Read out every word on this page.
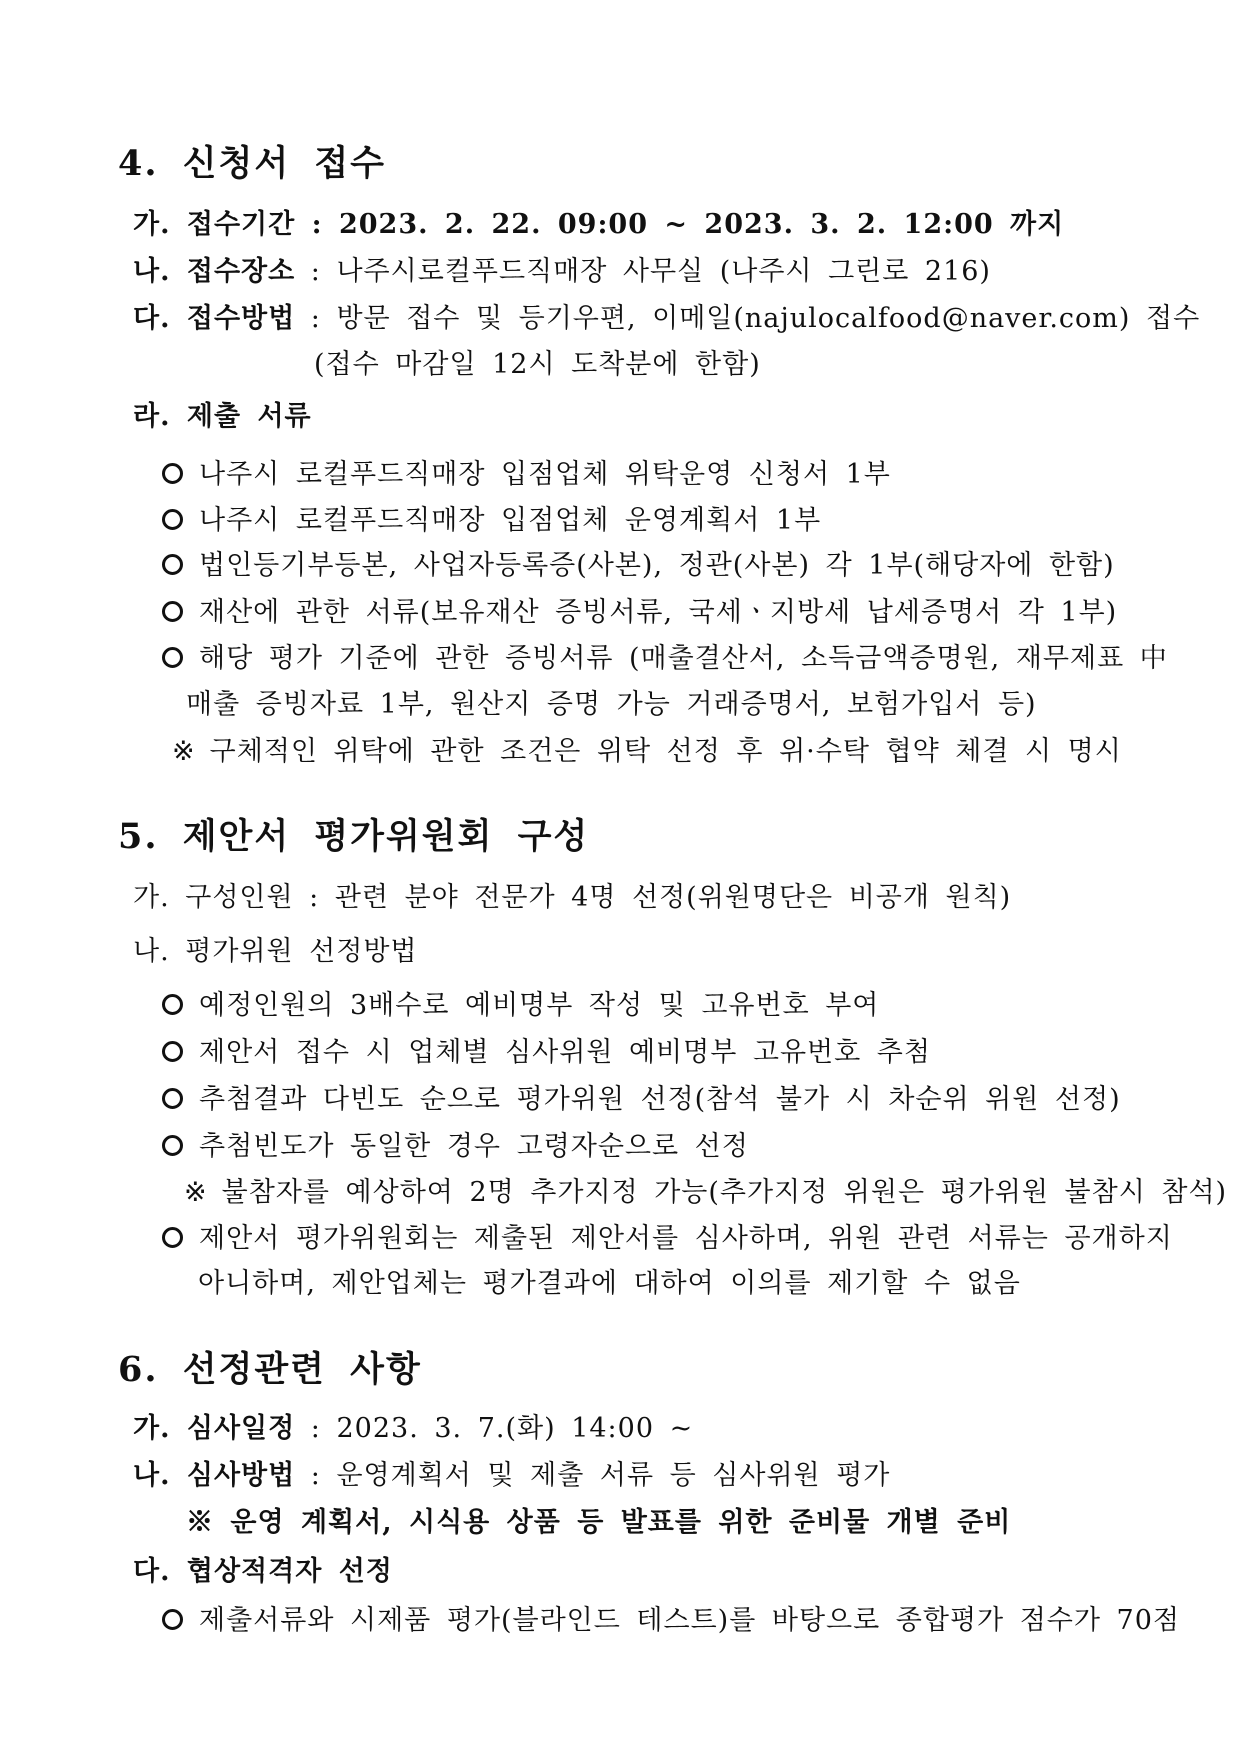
4. 신청서 접수
가. 접수기간 : 2023. 2. 22. 09:00 ~ 2023. 3. 2. 12:00 까지
나. 접수장소 : 나주시로컬푸드직매장 사무실 (나주시 그린로 216)
다. 접수방법 : 방문 접수 및 등기우편, 이메일(najulocalfood@naver.com) 접수
(접수 마감일 12시 도착분에 한함)
라. 제출 서류
나주시 로컬푸드직매장 입점업체 위탁운영 신청서 1부
나주시 로컬푸드직매장 입점업체 운영계획서 1부
법인등기부등본, 사업자등록증(사본), 정관(사본) 각 1부(해당자에 한함)
재산에 관한 서류(보유재산 증빙서류, 국세ㆍ지방세 납세증명서 각 1부)
해당 평가 기준에 관한 증빙서류 (매출결산서, 소득금액증명원, 재무제표 中
매출 증빙자료 1부, 원산지 증명 가능 거래증명서, 보험가입서 등)
※ 구체적인 위탁에 관한 조건은 위탁 선정 후 위·수탁 협약 체결 시 명시
5. 제안서 평가위원회 구성
가. 구성인원 : 관련 분야 전문가 4명 선정(위원명단은 비공개 원칙)
나. 평가위원 선정방법
예정인원의 3배수로 예비명부 작성 및 고유번호 부여
제안서 접수 시 업체별 심사위원 예비명부 고유번호 추첨
추첨결과 다빈도 순으로 평가위원 선정(참석 불가 시 차순위 위원 선정)
추첨빈도가 동일한 경우 고령자순으로 선정
※ 불참자를 예상하여 2명 추가지정 가능(추가지정 위원은 평가위원 불참시 참석)
제안서 평가위원회는 제출된 제안서를 심사하며, 위원 관련 서류는 공개하지
아니하며, 제안업체는 평가결과에 대하여 이의를 제기할 수 없음
6. 선정관련 사항
가. 심사일정 : 2023. 3. 7.(화) 14:00 ~
나. 심사방법 : 운영계획서 및 제출 서류 등 심사위원 평가
※ 운영 계획서, 시식용 상품 등 발표를 위한 준비물 개별 준비
다. 협상적격자 선정
제출서류와 시제품 평가(블라인드 테스트)를 바탕으로 종합평가 점수가 70점
